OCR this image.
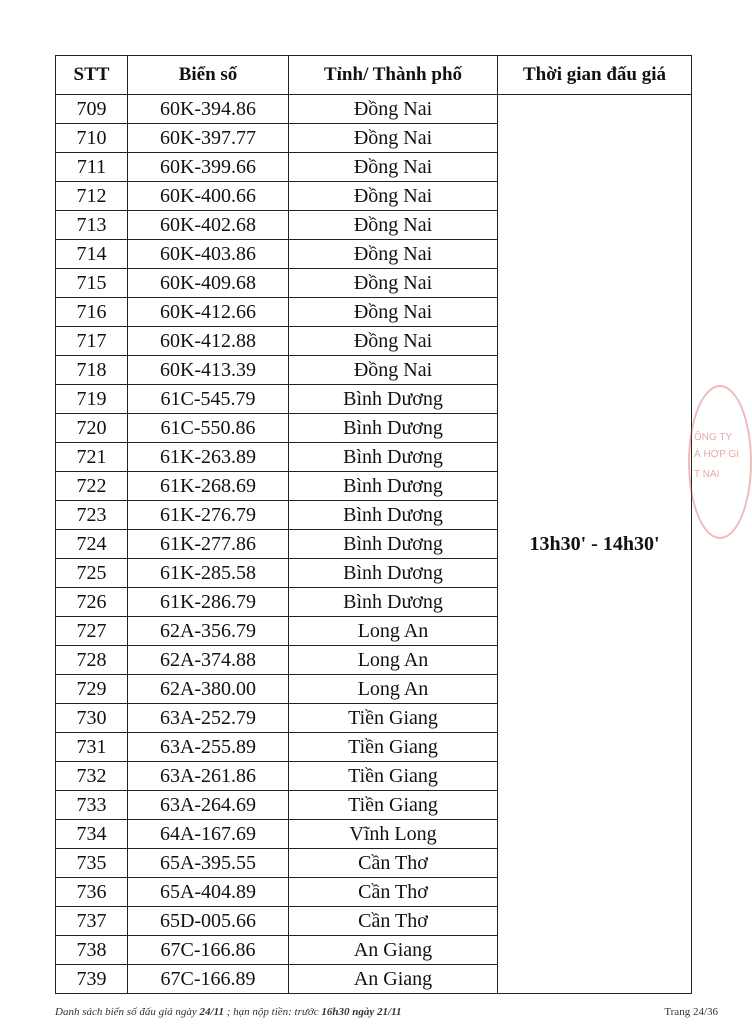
STT	Biển số	Tỉnh/ Thành phố	Thời gian đấu giá
709	60K-394.86	Đồng Nai	13h30' - 14h30'
710	60K-397.77	Đồng Nai	
711	60K-399.66	Đồng Nai	
712	60K-400.66	Đồng Nai	
713	60K-402.68	Đồng Nai	
714	60K-403.86	Đồng Nai	
715	60K-409.68	Đồng Nai	
716	60K-412.66	Đồng Nai	
717	60K-412.88	Đồng Nai	
718	60K-413.39	Đồng Nai	
719	61C-545.79	Bình Dương	
720	61C-550.86	Bình Dương	
721	61K-263.89	Bình Dương	
722	61K-268.69	Bình Dương	
723	61K-276.79	Bình Dương	
724	61K-277.86	Bình Dương	
725	61K-285.58	Bình Dương	
726	61K-286.79	Bình Dương	
727	62A-356.79	Long An	
728	62A-374.88	Long An	
729	62A-380.00	Long An	
730	63A-252.79	Tiền Giang	
731	63A-255.89	Tiền Giang	
732	63A-261.86	Tiền Giang	
733	63A-264.69	Tiền Giang	
734	64A-167.69	Vĩnh Long	
735	65A-395.55	Cần Thơ	
736	65A-404.89	Cần Thơ	
737	65D-005.66	Cần Thơ	
738	67C-166.86	An Giang	
739	67C-166.89	An Giang	
ÔNG TY
À HỢP GI
T NAI
Danh sách biển số đấu giá ngày 24/11 ; hạn nộp tiền: trước 16h30 ngày 21/11	Trang 24/36
